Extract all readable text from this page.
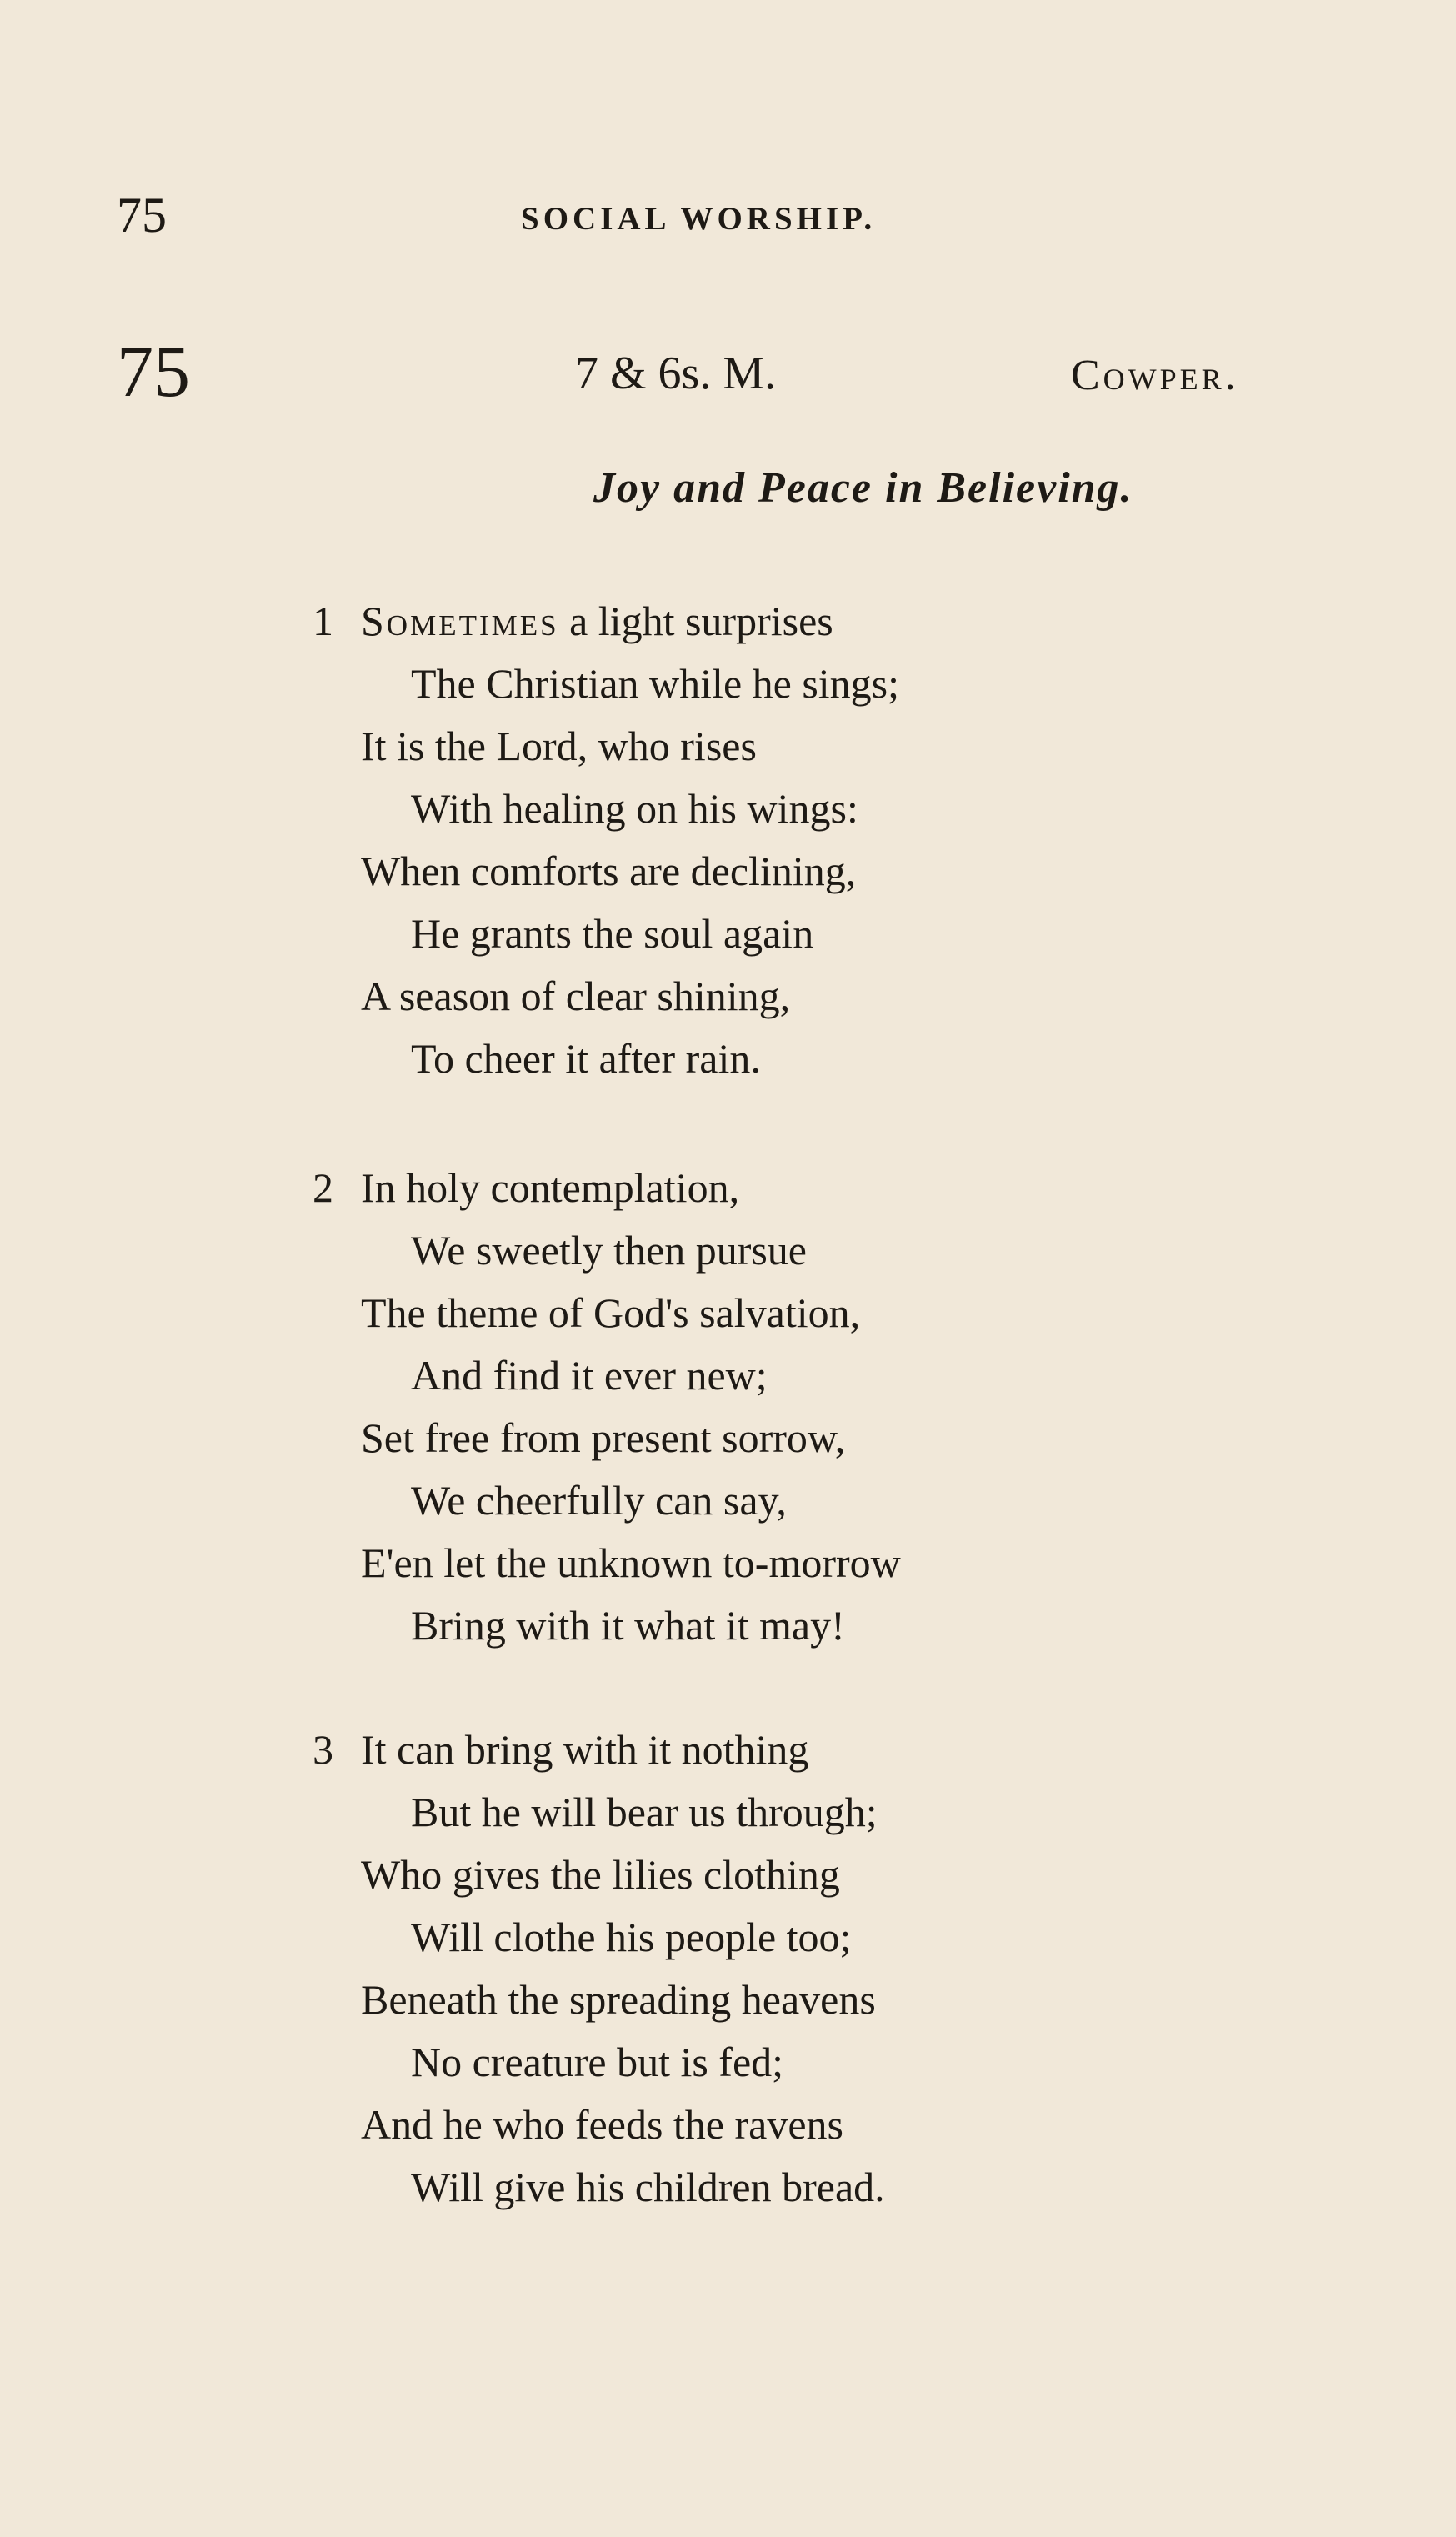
75	SOCIAL WORSHIP.
75	7 & 6s. M.	Cowper.
Joy and Peace in Believing.
1 Sometimes a light surprises
The Christian while he sings;
It is the Lord, who rises
With healing on his wings:
When comforts are declining,
He grants the soul again
A season of clear shining,
To cheer it after rain.
2 In holy contemplation,
We sweetly then pursue
The theme of God's salvation,
And find it ever new;
Set free from present sorrow,
We cheerfully can say,
E'en let the unknown to-morrow
Bring with it what it may!
3 It can bring with it nothing
But he will bear us through;
Who gives the lilies clothing
Will clothe his people too;
Beneath the spreading heavens
No creature but is fed;
And he who feeds the ravens
Will give his children bread.
